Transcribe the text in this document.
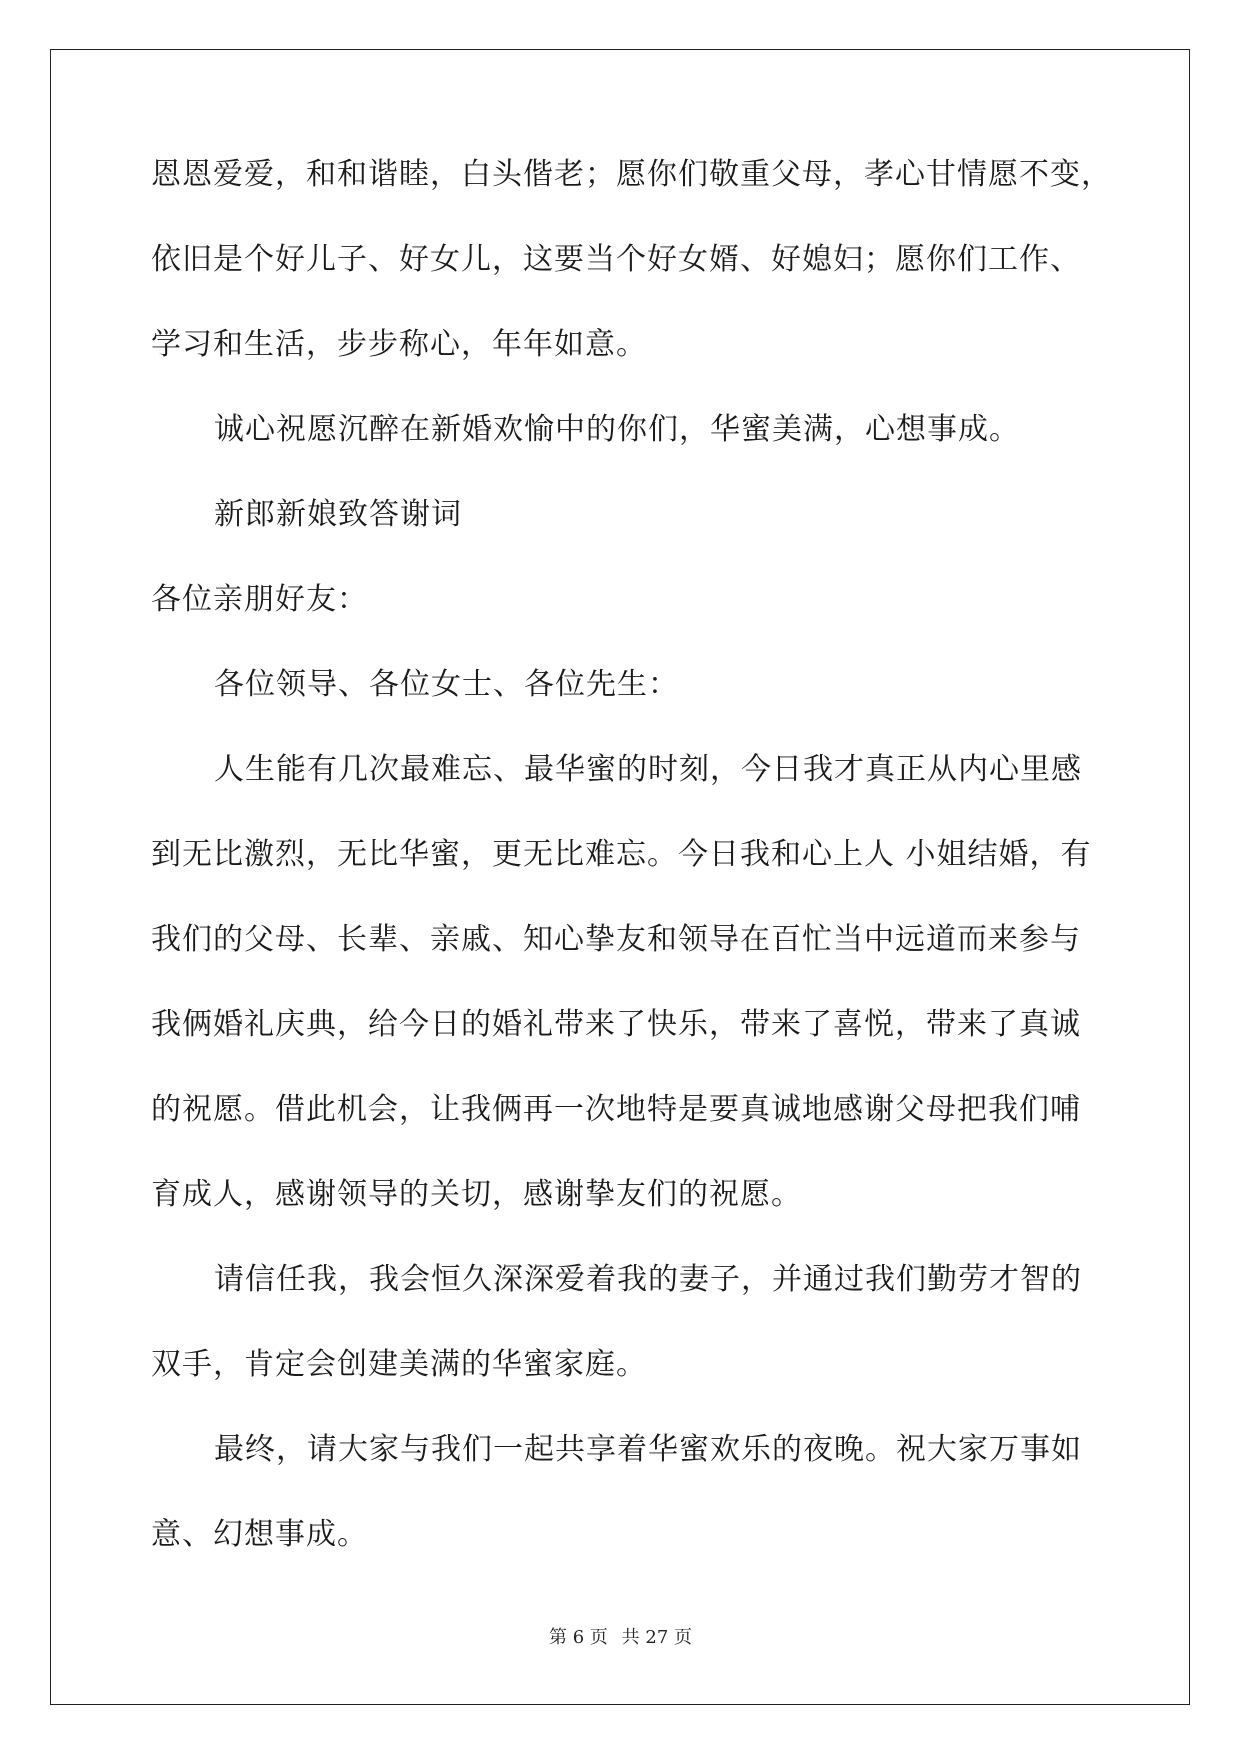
恩恩爱爱，和和谐睦，白头偕老；愿你们敬重父母，孝心甘情愿不变，
依旧是个好儿子、好女儿，这要当个好女婿、好媳妇；愿你们工作、
学习和生活，步步称心，年年如意。
诚心祝愿沉醉在新婚欢愉中的你们，华蜜美满，心想事成。
新郎新娘致答谢词
各位亲朋好友：
各位领导、各位女士、各位先生：
人生能有几次最难忘、最华蜜的时刻，今日我才真正从内心里感
到无比激烈，无比华蜜，更无比难忘。今日我和心上人 小姐结婚，有
我们的父母、长辈、亲戚、知心挚友和领导在百忙当中远道而来参与
我俩婚礼庆典，给今日的婚礼带来了快乐，带来了喜悦，带来了真诚
的祝愿。借此机会，让我俩再一次地特是要真诚地感谢父母把我们哺
育成人，感谢领导的关切，感谢挚友们的祝愿。
请信任我，我会恒久深深爱着我的妻子，并通过我们勤劳才智的
双手，肯定会创建美满的华蜜家庭。
最终，请大家与我们一起共享着华蜜欢乐的夜晚。祝大家万事如
意、幻想事成。
第 6 页 共 27 页
